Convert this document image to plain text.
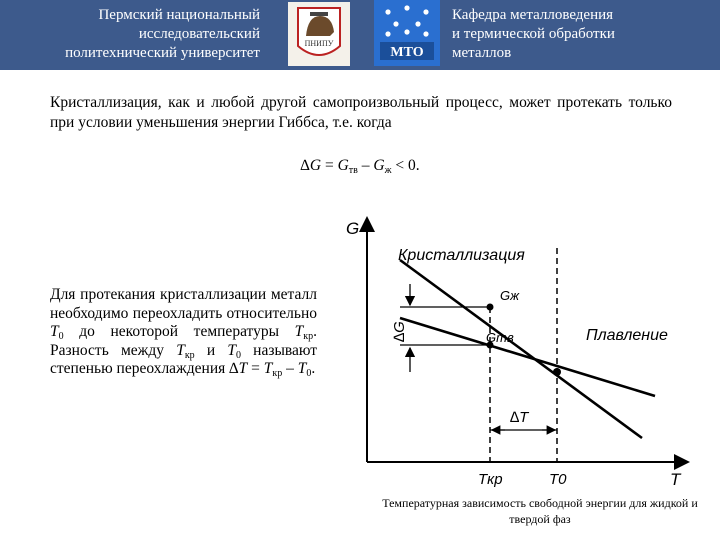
Пермский национальный
исследовательский
политехнический университет
ПНИПУ
МТО
Кафедра металловедения
и термической обработки
металлов
Кристаллизация, как и любой другой самопроизвольный процесс, может протекать только при условии уменьшения энергии Гиббса, т.е. когда
$\Delta G = G_{тв} - G_ж < 0$.
Для протекания кристаллизации металл необходимо переохладить относительно $T_0$ до некоторой температуры $T_{кр}$. Разность между $T_{кр}$ и $T_0$ называют степенью переохлаждения $\Delta T = T_{кр} - T_0$.
G
T
∆G
∆T
Кристаллизация
Плавление
Gж
Gтв
Tкр	T0
Температурная зависимость свободной энергии для жидкой и твердой фаз
